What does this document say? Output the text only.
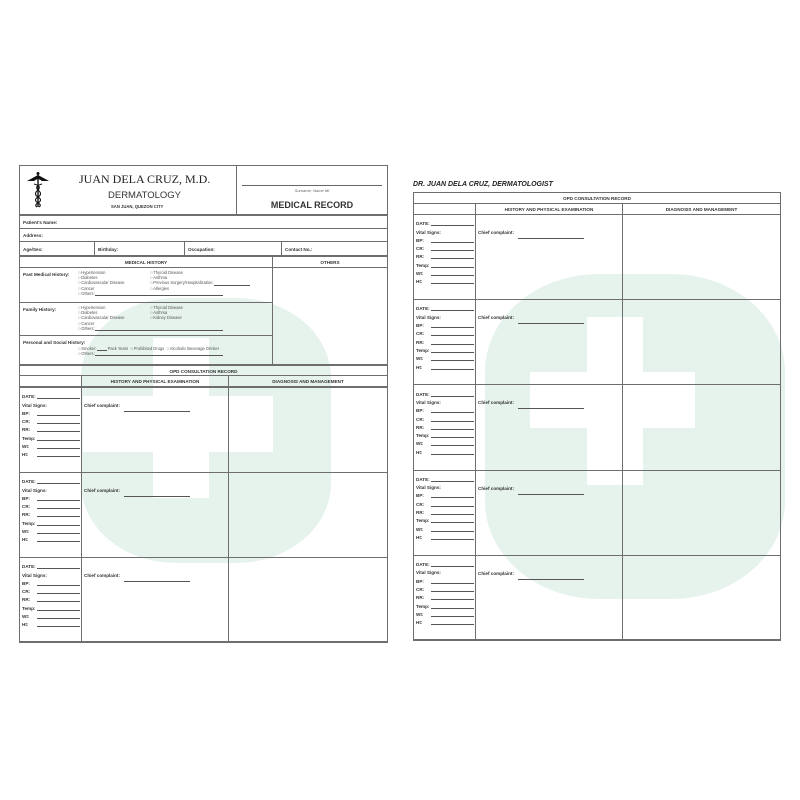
JUAN DELA CRUZ, M.D.
DERMATOLOGY
SAN JUAN, QUEZON CITY
Surname, Name MI
MEDICAL RECORD
Patient's Name:
Address:
Age/Sex:	Birthday:	Occupation:	Contact No.:
MEDICAL HISTORY	OTHERS
Past Medical History:	○ Hypertension
○ Diabetes
○ Cardiovascular Disease
○ Cancer
○ Others:
○ Thyroid Disease
○ Asthma
○ Previous Surgery/Hospitalization:
○ Allergies
Family History:	○ Hypertension
○ Diabetes
○ Cardiovascular Disease
○ Cancer
○ Others:
○ Thyroid Disease
○ Asthma
○ Kidney Disease
Personal and Social History:
○ Smoker:	Pack Years ○ Prohibited Drugs ○ Alcoholic Beverage Drinker
○ Others:
OPD CONSULTATION RECORD
HISTORY AND PHYSICAL EXAMINATION	DIAGNOSIS AND MANAGEMENT
DATE:
Vital Signs:
BP:
CR:
RR:
Temp:
Wt:
Ht:
Chief complaint:
DATE:
Vital Signs:
BP:
CR:
RR:
Temp:
Wt:
Ht:
Chief complaint:
DATE:
Vital Signs:
BP:
CR:
RR:
Temp:
Wt:
Ht:
Chief complaint:
DR. JUAN DELA CRUZ, DERMATOLOGIST
OPD CONSULTATION RECORD
HISTORY AND PHYSICAL EXAMINATION	DIAGNOSIS AND MANAGEMENT
DATE:
Vital Signs:
BP:
CR:
RR:
Temp:
Wt:
Ht:
Chief complaint:
DATE:
Vital Signs:
BP:
CR:
RR:
Temp:
Wt:
Ht:
Chief complaint:
DATE:
Vital Signs:
BP:
CR:
RR:
Temp:
Wt:
Ht:
Chief complaint:
DATE:
Vital Signs:
BP:
CR:
RR:
Temp:
Wt:
Ht:
Chief complaint:
DATE:
Vital Signs:
BP:
CR:
RR:
Temp:
Wt:
Ht:
Chief complaint:
